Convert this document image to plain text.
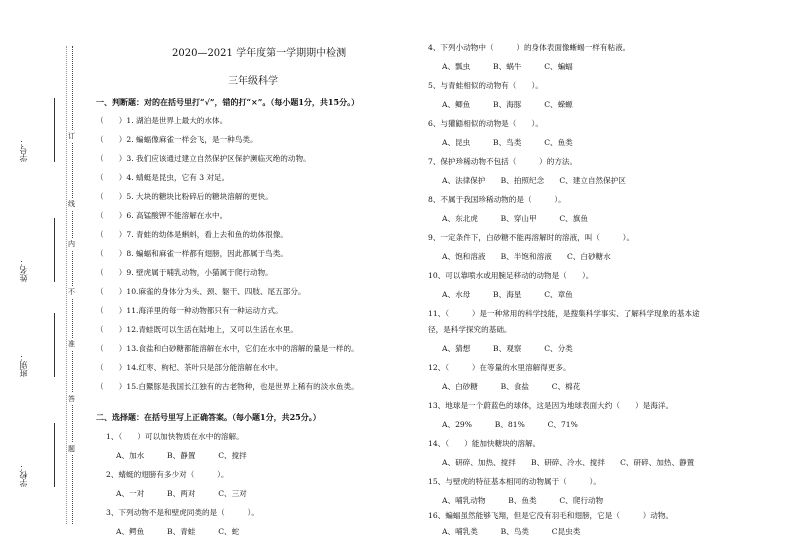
学号：
姓名：
班别：
学校：
订
线
内
不
准
答
题
2020—2021 学年度第一学期期中检测
三年级科学
一、判断题：对的在括号里打“√”，错的打“×”。（每小题1分，共15分。）
（　　）1. 湖泊是世界上最大的水体。
（　　）2. 蝙蝠像麻雀一样会飞，是一种鸟类。
（　　）3. 我们应该通过建立自然保护区保护濒临灭绝的动物。
（　　）4. 蜻蜓是昆虫，它有 3 对足。
（　　）5. 大块的糖块比粉碎后的糖块溶解的更快。
（　　）6. 高锰酸钾不能溶解在水中。
（　　）7. 青蛙的幼体是蝌蚪，看上去和鱼的幼体很像。
（　　）8. 蝙蝠和麻雀一样都有翅膀，因此都属于鸟类。
（　　）9. 壁虎属于哺乳动物，小猫属于爬行动物。
（　　）10.麻雀的身体分为头、颈、躯干、四肢、尾五部分。
（　　）11.海洋里的每一种动物都只有一种运动方式。
（　　）12.青蛙既可以生活在陆地上，又可以生活在水里。
（　　）13.食盐和白砂糖都能溶解在水中，它们在水中的溶解的量是一样的。
（　　）14.红枣、枸杞、茶叶只是部分能溶解在水中。
（　　）15.白鱀豚是我国长江独有的古老物种，也是世界上稀有的淡水鱼类。
二、选择题：在括号里写上正确答案。（每小题1分，共25分。）
1、（　　）可以加快物质在水中的溶解。
A、加水　　　B、静置　　　C、搅拌
2、蜻蜓的翅膀有多少对（　　　）。
A、一对　　　B、两对　　　C、三对
3、下列动物不是和壁虎同类的是（　　　）。
A、鳄鱼　　　B、青蛙　　　C、蛇
4、下列小动物中（　　　）的身体表面像蜥蜴一样有粘液。
A、瓢虫　　　B、蜗牛　　　C、蝙蝠
5、与青蛙相似的动物有（　　）。
A、鲫鱼　　　B、海豚　　　C、蝾螈
6、与獾鼯相似的动物是（　　）。
A、昆虫　　　B、鸟类　　　C、鱼类
7、保护珍稀动物不包括（　　　）的方法。
A、法律保护　　B、拍照纪念　　C、建立自然保护区
8、不属于我国珍稀动物的是（　　　）。
A、东北虎　　　B、穿山甲　　　C、旗鱼
9、一定条件下，白砂糖不能再溶解时的溶液，叫（　　　）。
A、饱和溶液　　B、半饱和溶液　　C、白砂糖水
10、可以靠喷水或用腕足移动的动物是（　　）。
A、水母　　　B、海星　　　C、章鱼
11、（　　　）是一种常用的科学技能，是搜集科学事实、了解科学现象的基本途
径，是科学探究的基础。
A、猜想　　　B、观察　　　C、分类
12、（　　　）在等量的水里溶解得更多。
A、白砂糖　　　B、食盐　　　C、棉花
13、地球是一个蔚蓝色的球体，这是因为地球表面大约（　　）是海洋。
A、29%　　　B、81%　　　C、71%
14、（　　）能加快糖块的溶解。
A、研碎、加热、搅拌　　B、研碎、冷水、搅拌　　C、研碎、加热、静置
15、与壁虎的特征基本相同的动物属于（　　　）。
A、哺乳动物　　　B、鱼类　　　C、爬行动物
16、蝙蝠虽然能够飞翔，但是它没有羽毛和翅膀，它是（　　　）动物。
A、哺乳类　　　B、鸟类　　　C昆虫类
